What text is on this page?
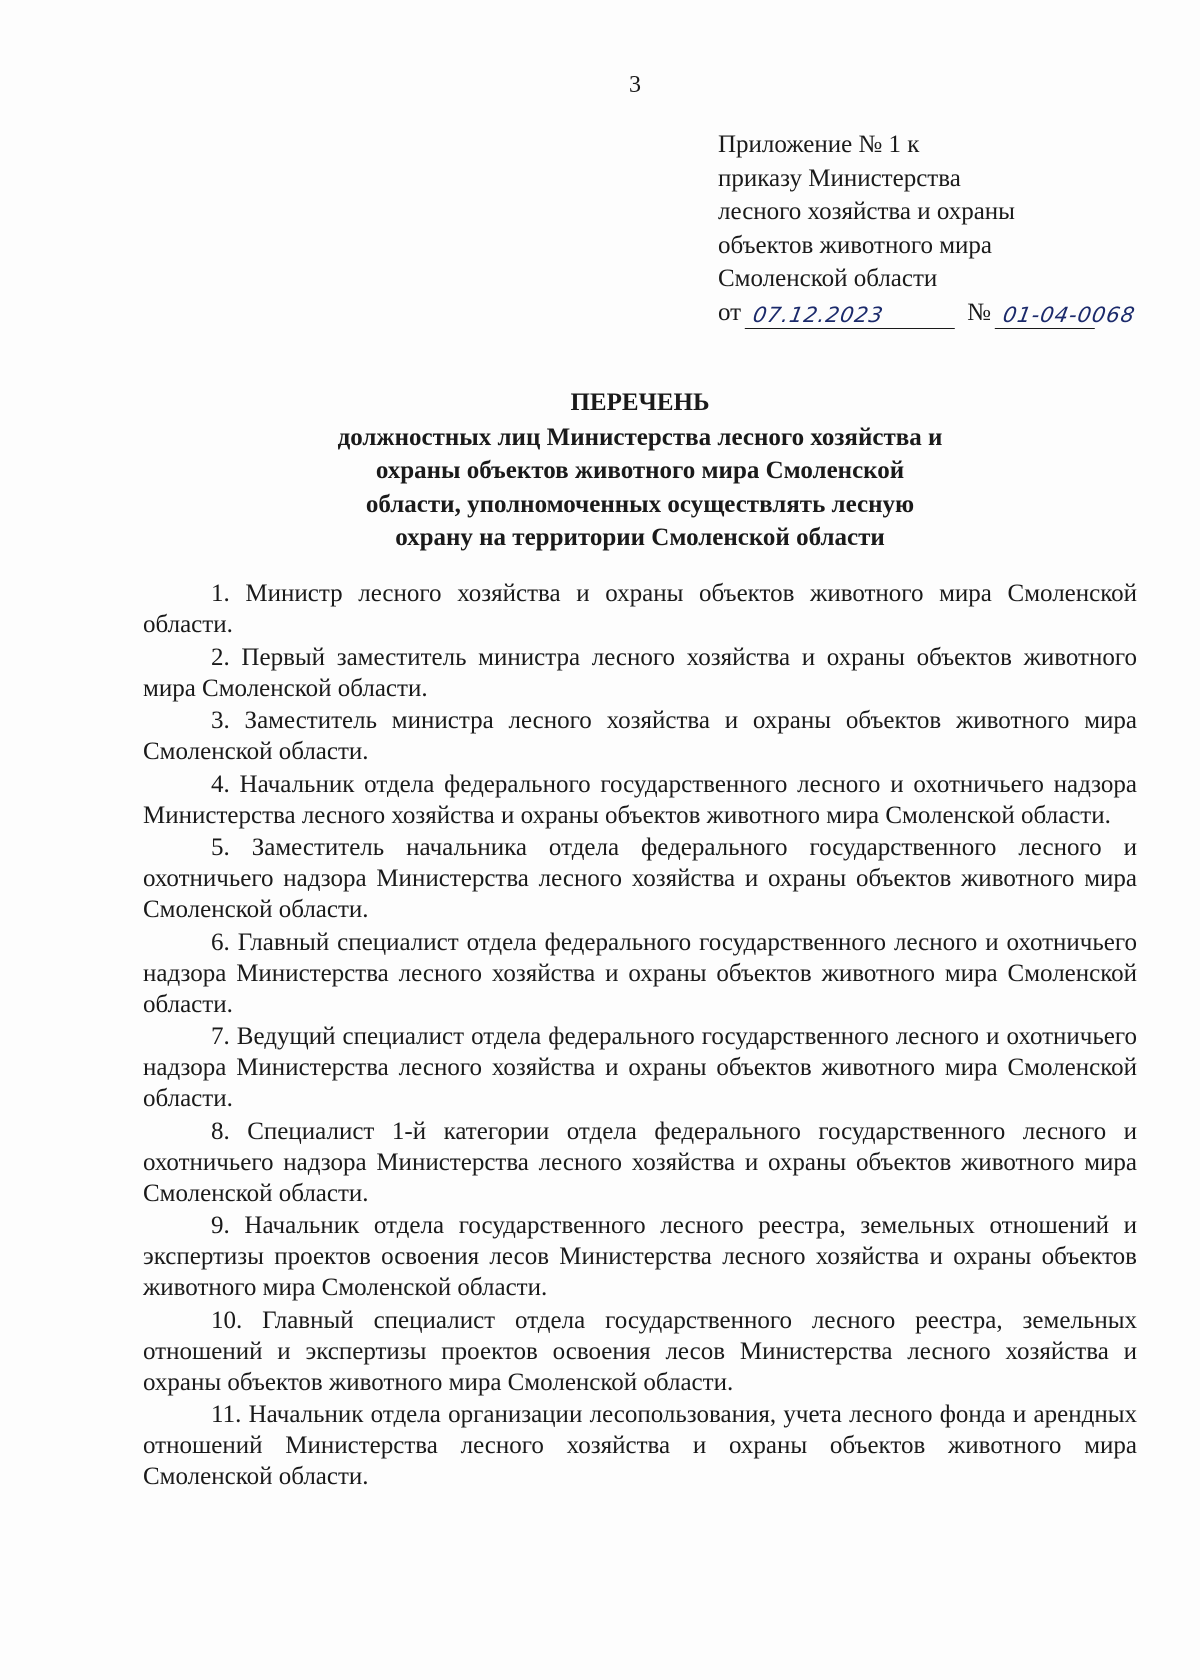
3
Приложение № 1 к
приказу Министерства
лесного хозяйства и охраны
объектов животного мира
Смоленской области
от 07.12.2023	№ 01-04-0068
ПЕРЕЧЕНЬ
должностных лиц Министерства лесного хозяйства и
охраны объектов животного мира Смоленской
области, уполномоченных осуществлять лесную
охрану на территории Смоленской области

1. Министр лесного хозяйства и охраны объектов животного мира Смоленской области.

2. Первый заместитель министра лесного хозяйства и охраны объектов животного мира Смоленской области.

3. Заместитель министра лесного хозяйства и охраны объектов животного мира Смоленской области.

4. Начальник отдела федерального государственного лесного и охотничьего надзора Министерства лесного хозяйства и охраны объектов животного мира Смоленской области.

5. Заместитель начальника отдела федерального государственного лесного и охотничьего надзора Министерства лесного хозяйства и охраны объектов животного мира Смоленской области.

6. Главный специалист отдела федерального государственного лесного и охотничьего надзора Министерства лесного хозяйства и охраны объектов животного мира Смоленской области.

7. Ведущий специалист отдела федерального государственного лесного и охотничьего надзора Министерства лесного хозяйства и охраны объектов животного мира Смоленской области.

8. Специалист 1-й категории отдела федерального государственного лесного и охотничьего надзора Министерства лесного хозяйства и охраны объектов животного мира Смоленской области.

9. Начальник отдела государственного лесного реестра, земельных отношений и экспертизы проектов освоения лесов Министерства лесного хозяйства и охраны объектов животного мира Смоленской области.

10. Главный специалист отдела государственного лесного реестра, земельных отношений и экспертизы проектов освоения лесов Министерства лесного хозяйства и охраны объектов животного мира Смоленской области.

11. Начальник отдела организации лесопользования, учета лесного фонда и арендных отношений Министерства лесного хозяйства и охраны объектов животного мира Смоленской области.
